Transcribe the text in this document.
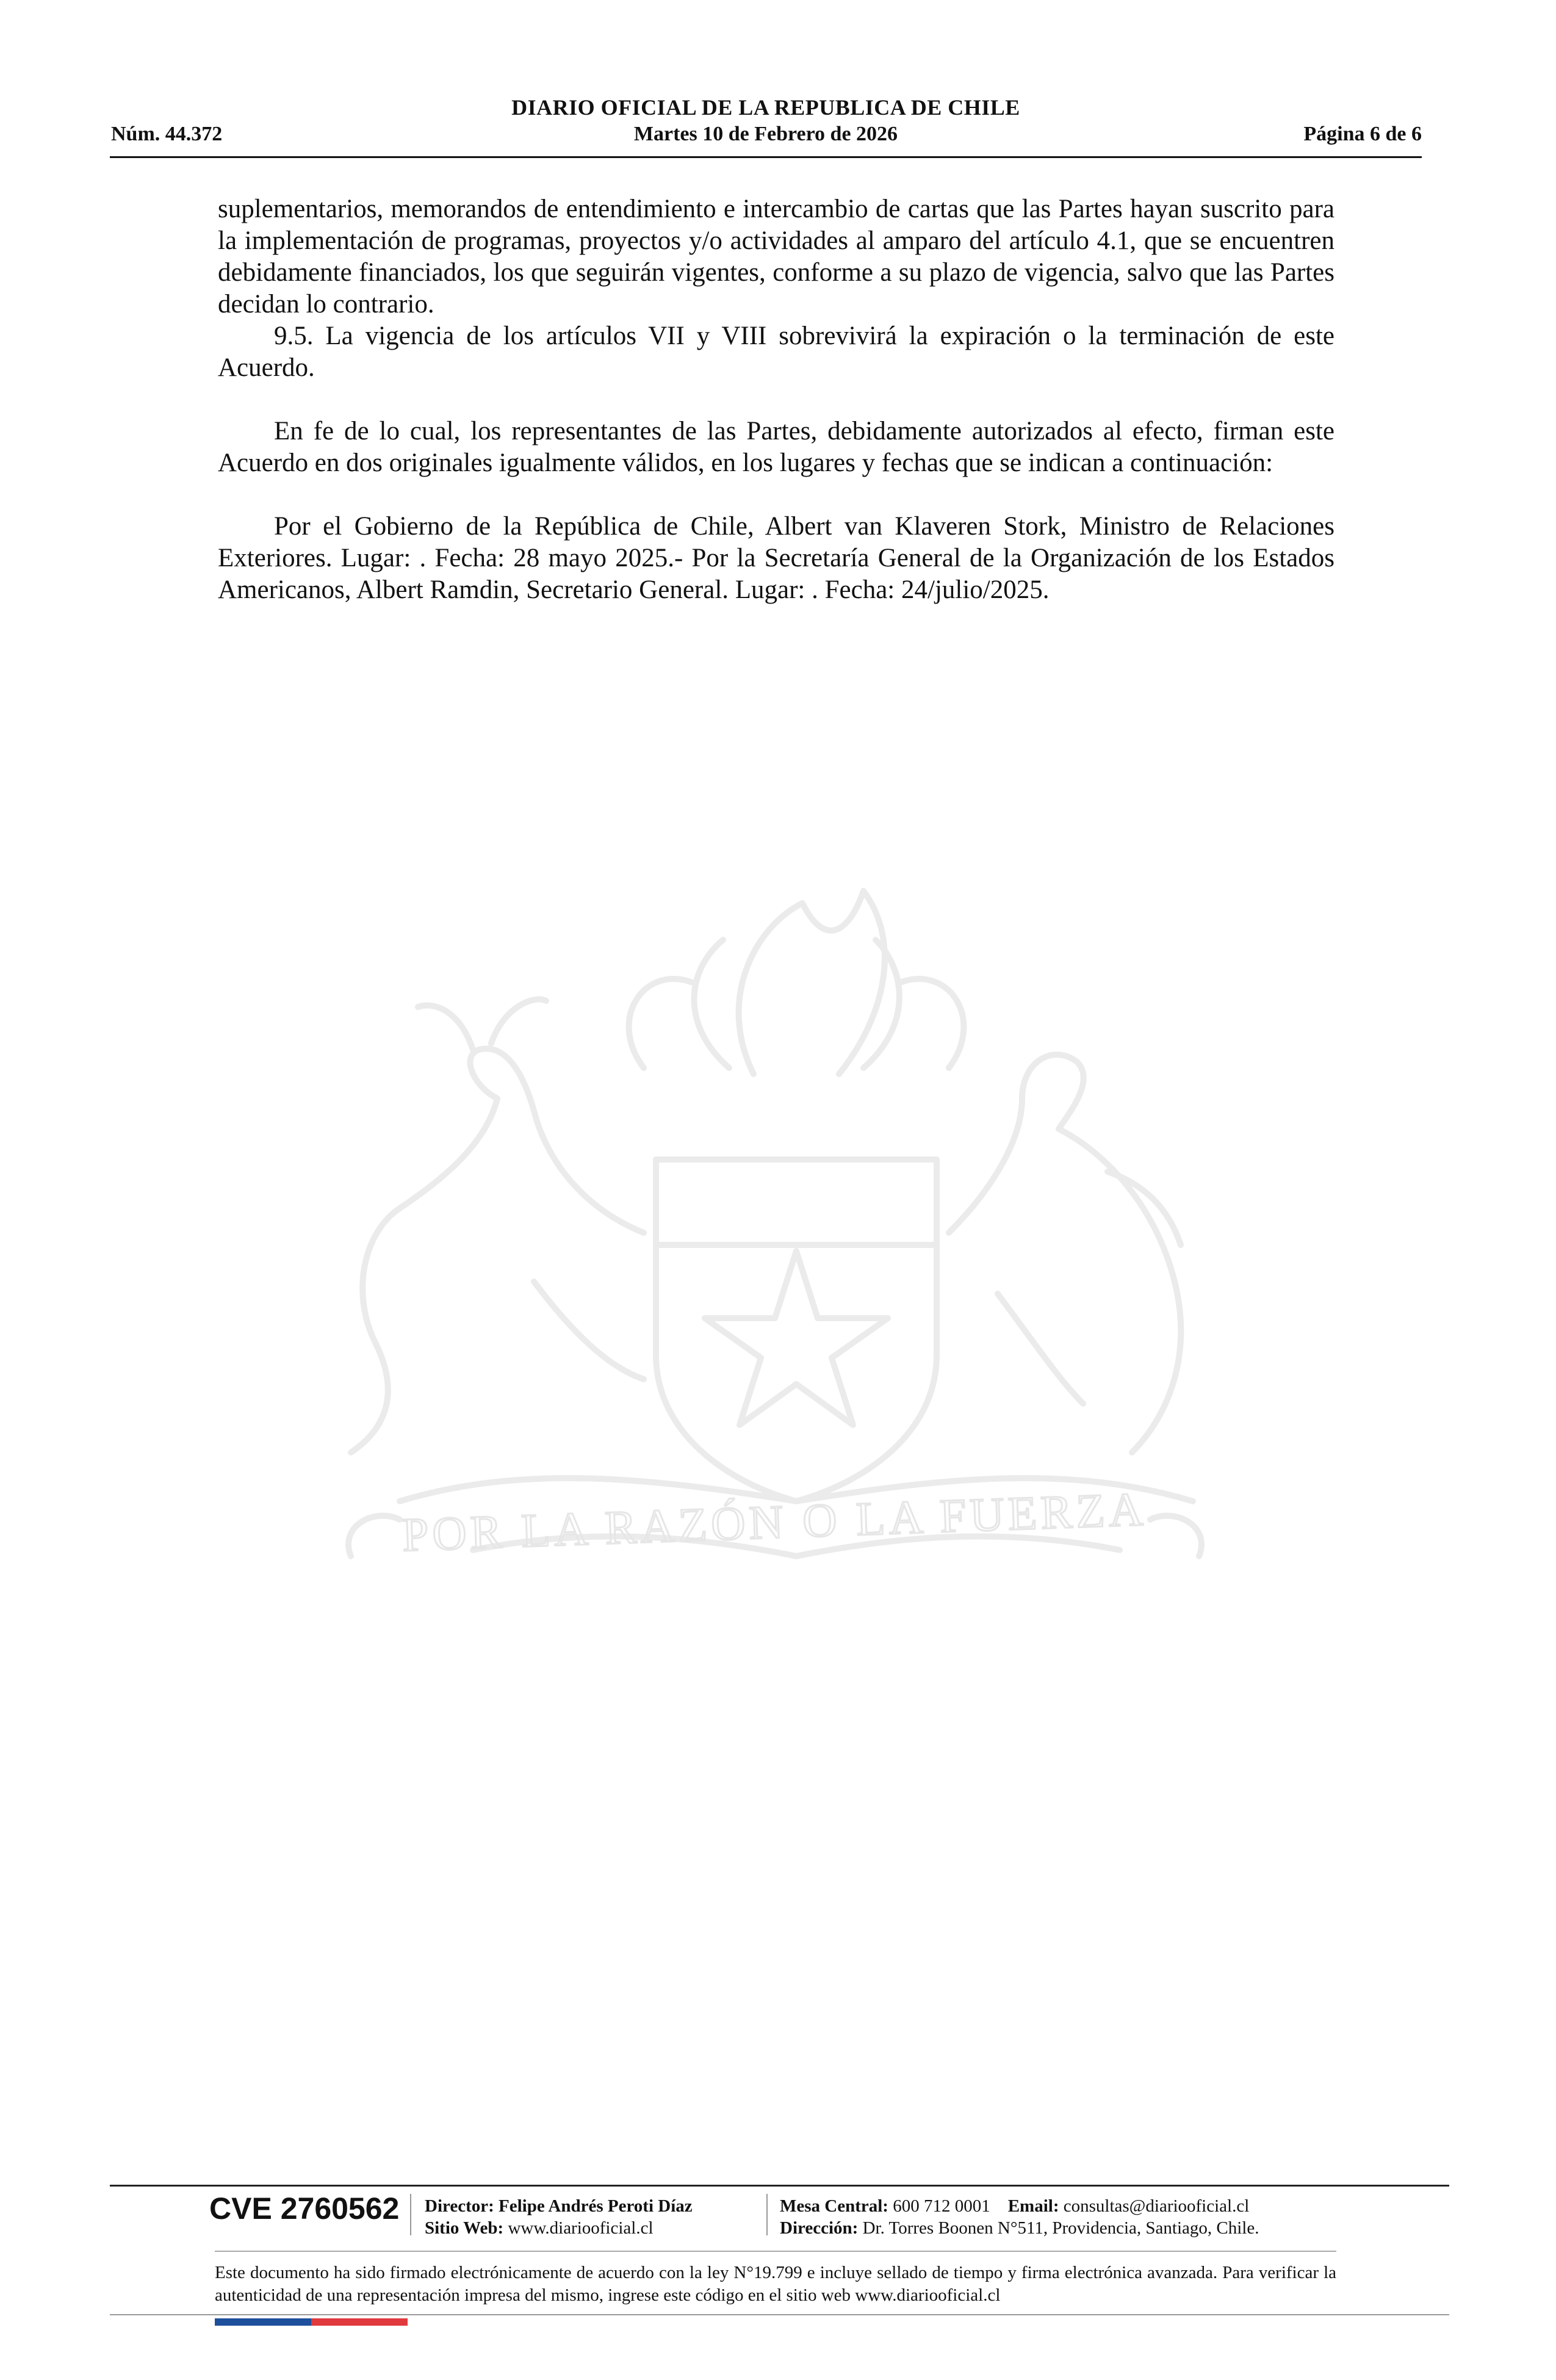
DIARIO OFICIAL DE LA REPUBLICA DE CHILE
Núm. 44.372	Martes 10 de Febrero de 2026	Página 6 de 6
POR LA RAZÓN O LA FUERZA

suplementarios, memorandos de entendimiento e intercambio de cartas que las Partes hayan suscrito para la implementación de programas, proyectos y/o actividades al amparo del artículo 4.1, que se encuentren debidamente financiados, los que seguirán vigentes, conforme a su plazo de vigencia, salvo que las Partes decidan lo contrario.

9.5. La vigencia de los artículos VII y VIII sobrevivirá la expiración o la terminación de este Acuerdo.

En fe de lo cual, los representantes de las Partes, debidamente autorizados al efecto, firman este Acuerdo en dos originales igualmente válidos, en los lugares y fechas que se indican a continuación:

Por el Gobierno de la República de Chile, Albert van Klaveren Stork, Ministro de Relaciones Exteriores. Lugar: . Fecha: 28 mayo 2025.- Por la Secretaría General de la Organización de los Estados Americanos, Albert Ramdin, Secretario General. Lugar: . Fecha: 24/julio/2025.

CVE 2760562 Director: Felipe Andrés Peroti Díaz
Sitio Web: www.diariooficial.cl
Mesa Central: 600 712 0001 Email: consultas@diariooficial.cl
Dirección: Dr. Torres Boonen N°511, Providencia, Santiago, Chile.
Este documento ha sido firmado electrónicamente de acuerdo con la ley N°19.799 e incluye sellado de tiempo y firma electrónica avanzada. Para verificar la autenticidad de una representación impresa del mismo, ingrese este código en el sitio web www.diariooficial.cl
